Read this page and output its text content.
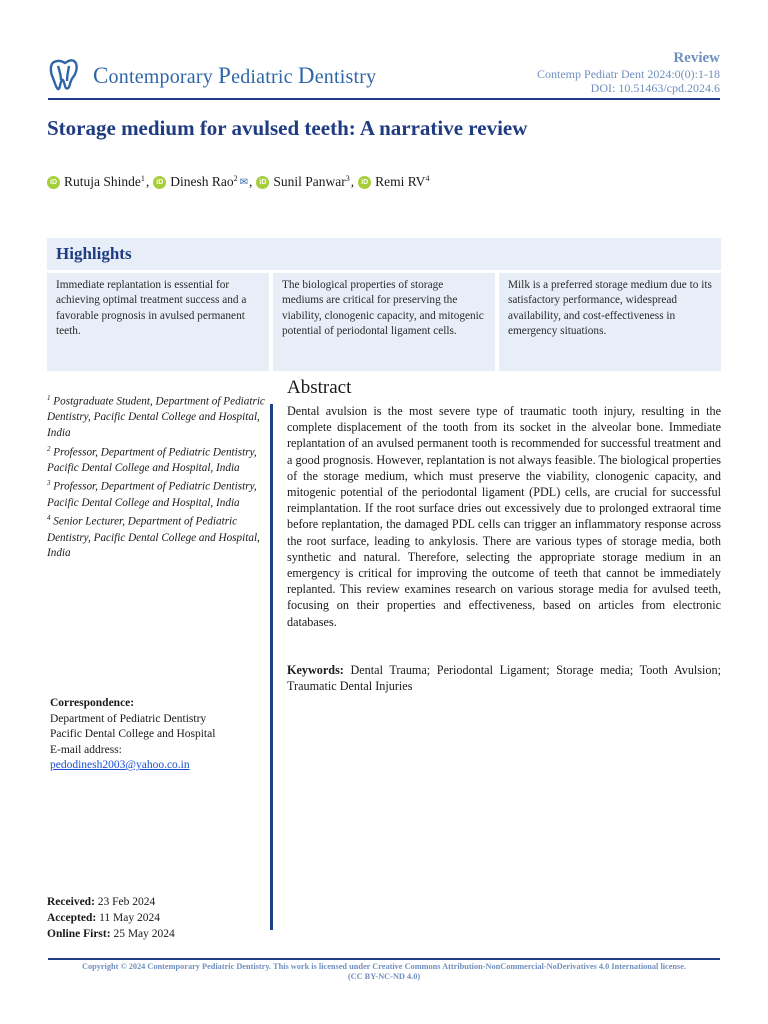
Contemporary Pediatric Dentistry
Review
Contemp Pediatr Dent 2024:0(0):1-18
DOI: 10.51463/cpd.2024.6
Storage medium for avulsed teeth: A narrative review
iD Rutuja Shinde$^1$ ,	iD Dinesh Rao$^2$ ✉ ,	iD Sunil Panwar$^3$ ,	iD Remi $RV^4$
Highlights
Immediate replantation is essential for achieving optimal treatment success and a favorable prognosis in avulsed permanent teeth.
The biological properties of storage mediums are critical for preserving the viability, clonogenic capacity, and mitogenic potential of periodontal ligament cells.
Milk is a preferred storage medium due to its satisfactory performance, widespread availability, and cost-effectiveness in emergency situations.

$^1$ Postgraduate Student, Department of Pediatric Dentistry, Pacific Dental College and Hospital, India

$^2$ Professor, Department of Pediatric Dentistry, Pacific Dental College and Hospital, India

$^3$ Professor, Department of Pediatric Dentistry, Pacific Dental College and Hospital, India

$^4$ Senior Lecturer, Department of Pediatric Dentistry, Pacific Dental College and Hospital, India

Correspondence:
Department of Pediatric Dentistry
Pacific Dental College and Hospital
E-mail address:
pedodinesh2003@yahoo.co.in
Received: 23 Feb 2024
Accepted: 11 May 2024
Online First: 25 May 2024
Abstract
Dental avulsion is the most severe type of traumatic tooth injury, resulting in the complete displacement of the tooth from its socket in the alveolar bone. Immediate replantation of an avulsed permanent tooth is recommended for successful treatment and a good prognosis. However, replantation is not always feasible. The biological properties of the storage medium, which must preserve the viability, clonogenic capacity, and mitogenic potential of the periodontal ligament (PDL) cells, are crucial for successful reimplantation. If the root surface dries out excessively due to prolonged extraoral time before replantation, the damaged PDL cells can trigger an inflammatory response across the root surface, leading to ankylosis. There are various types of storage media, both synthetic and natural. Therefore, selecting the appropriate storage medium in an emergency is critical for improving the outcome of teeth that cannot be immediately replanted. This review examines research on various storage media for avulsed teeth, focusing on their properties and effectiveness, based on articles from electronic databases.
Keywords: Dental Trauma; Periodontal Ligament; Storage media; Tooth Avulsion; Traumatic Dental Injuries
Copyright © 2024 Contemporary Pediatric Dentistry. This work is licensed under Creative Commons Attribution-NonCommercial-NoDerivatives 4.0 International license.
(CC BY-NC-ND 4.0)
